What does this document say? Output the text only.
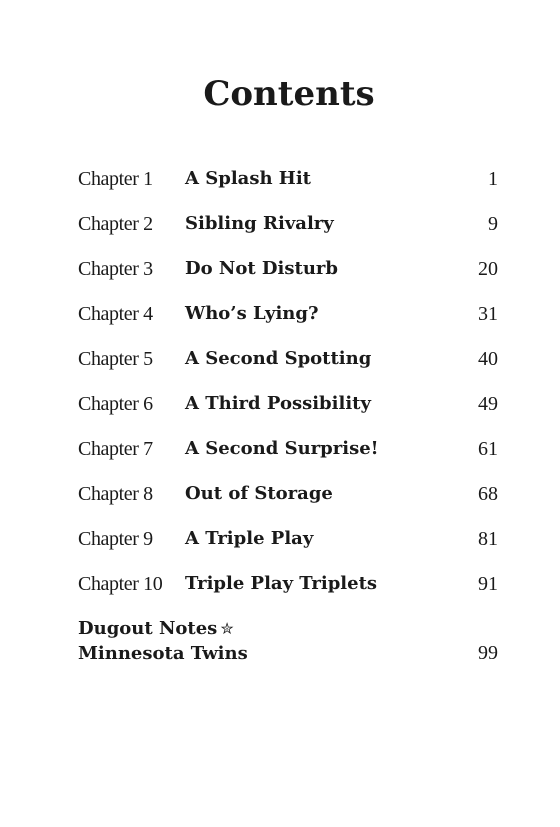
Contents
Chapter 1 A Splash Hit	1
Chapter 2 Sibling Rivalry	9
Chapter 3 Do Not Disturb	20
Chapter 4 Who’s Lying?	31
Chapter 5 A Second Spotting	40
Chapter 6 A Third Possibility	49
Chapter 7 A Second Surprise!	61
Chapter 8 Out of Storage	68
Chapter 9 A Triple Play	81
Chapter 10 Triple Play Triplets	91
Dugout Notes ✮
Minnesota Twins	99
